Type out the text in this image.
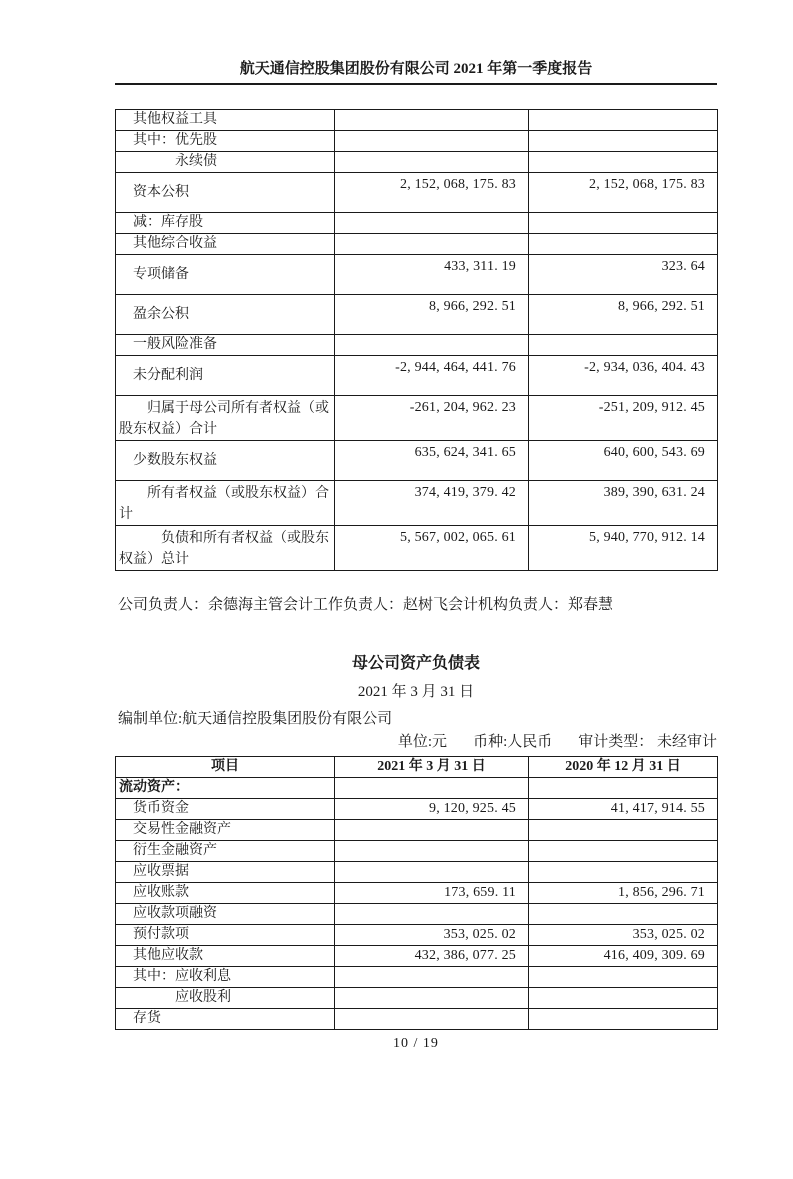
航天通信控股集团股份有限公司 2021 年第一季度报告
其他权益工具		
其中：优先股		
永续债		
资本公积	2, 152, 068, 175. 83	2, 152, 068, 175. 83
减：库存股		
其他综合收益		
专项储备	433, 311. 19	323. 64
盈余公积	8, 966, 292. 51	8, 966, 292. 51
一般风险准备		
未分配利润	-2, 944, 464, 441. 76	-2, 934, 036, 404. 43
归属于母公司所有者权益（或股东权益）合计	-261, 204, 962. 23	-251, 209, 912. 45
少数股东权益	635, 624, 341. 65	640, 600, 543. 69
所有者权益（或股东权益）合计	374, 419, 379. 42	389, 390, 631. 24
负债和所有者权益（或股东权益）总计	5, 567, 002, 065. 61	5, 940, 770, 912. 14
公司负责人：余德海主管会计工作负责人：赵树飞会计机构负责人：郑春慧
母公司资产负债表
2021 年 3 月 31 日
编制单位:航天通信控股集团股份有限公司
单位:元 币种:人民币 审计类型： 未经审计
项目	2021 年 3 月 31 日	2020 年 12 月 31 日
流动资产：		
货币资金	9, 120, 925. 45	41, 417, 914. 55
交易性金融资产		
衍生金融资产		
应收票据		
应收账款	173, 659. 11	1, 856, 296. 71
应收款项融资		
预付款项	353, 025. 02	353, 025. 02
其他应收款	432, 386, 077. 25	416, 409, 309. 69
其中：应收利息		
应收股利		
存货		
10 / 19
